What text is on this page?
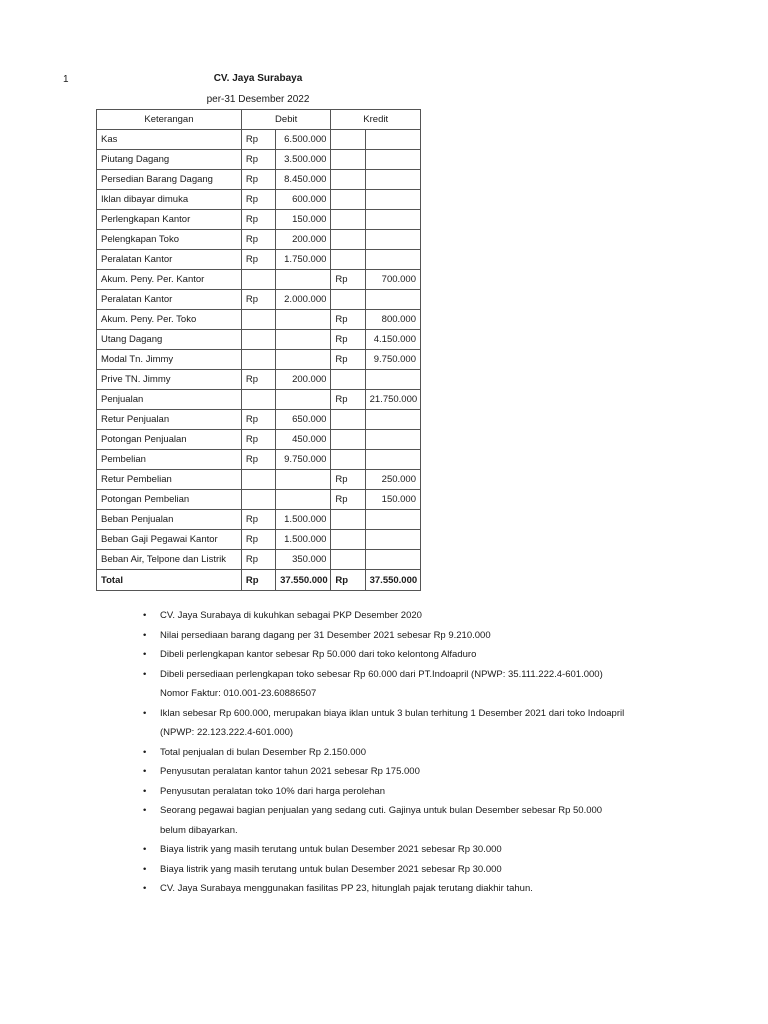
1	CV. Jaya Surabaya
per-31 Desember 2022
Keterangan	Debit		Kredit	
Kas	Rp	6.500.000		
Piutang Dagang	Rp	3.500.000		
Persedian Barang Dagang	Rp	8.450.000		
Iklan dibayar dimuka	Rp	600.000		
Perlengkapan Kantor	Rp	150.000		
Pelengkapan Toko	Rp	200.000		
Peralatan Kantor	Rp	1.750.000		
Akum. Peny. Per. Kantor			Rp	700.000
Peralatan Kantor	Rp	2.000.000		
Akum. Peny. Per. Toko			Rp	800.000
Utang Dagang			Rp	4.150.000
Modal Tn. Jimmy			Rp	9.750.000
Prive TN. Jimmy	Rp	200.000		
Penjualan			Rp	21.750.000
Retur Penjualan	Rp	650.000		
Potongan Penjualan	Rp	450.000		
Pembelian	Rp	9.750.000		
Retur Pembelian			Rp	250.000
Potongan Pembelian			Rp	150.000
Beban Penjualan	Rp	1.500.000		
Beban Gaji Pegawai Kantor	Rp	1.500.000		
Beban Air, Telpone dan Listrik	Rp	350.000		
Total	Rp	37.550.000	Rp	37.550.000
• CV. Jaya Surabaya di kukuhkan sebagai PKP Desember 2020
• Nilai persediaan barang dagang per 31 Desember 2021 sebesar Rp 9.210.000
• Dibeli perlengkapan kantor sebesar Rp 50.000 dari toko kelontong Alfaduro
• Dibeli persediaan perlengkapan toko sebesar Rp 60.000 dari PT.Indoapril (NPWP: 35.111.222.4-601.000)
Nomor Faktur: 010.001-23.60886507
• Iklan sebesar Rp 600.000, merupakan biaya iklan untuk 3 bulan terhitung 1 Desember 2021 dari toko Indoapril
(NPWP: 22.123.222.4-601.000)
• Total penjualan di bulan Desember Rp 2.150.000
• Penyusutan peralatan kantor tahun 2021 sebesar Rp 175.000
• Penyusutan peralatan toko 10% dari harga perolehan
• Seorang pegawai bagian penjualan yang sedang cuti. Gajinya untuk bulan Desember sebesar Rp 50.000
belum dibayarkan.
• Biaya listrik yang masih terutang untuk bulan Desember 2021 sebesar Rp 30.000
• Biaya listrik yang masih terutang untuk bulan Desember 2021 sebesar Rp 30.000
• CV. Jaya Surabaya menggunakan fasilitas PP 23, hitunglah pajak terutang diakhir tahun.
